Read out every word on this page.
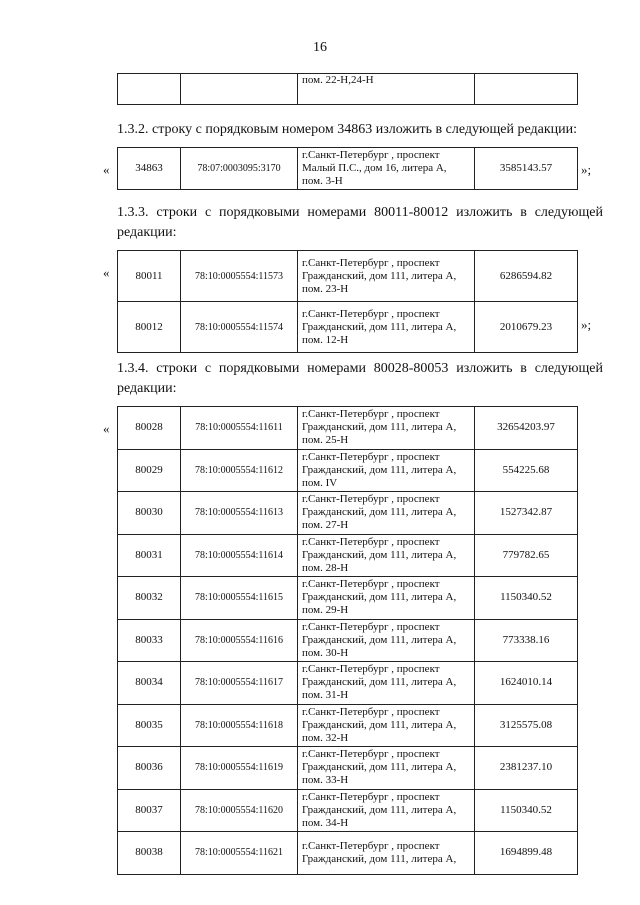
16
		пом. 22-Н,24-Н	
1.3.2. строку с порядковым номером 34863 изложить в следующей редакции:
« 34863	78:07:0003095:3170	г.Санкт-Петербург , проспект Малый П.С., дом 16, литера А, пом. 3-Н	3585143.57 »;
1.3.3. строки с порядковыми номерами 80011-80012 изложить в следующей редакции:
« 80011	78:10:0005554:11573	г.Санкт-Петербург , проспект Гражданский, дом 111, литера А, пом. 23-Н	6286594.82
80012	78:10:0005554:11574	г.Санкт-Петербург , проспект Гражданский, дом 111, литера А, пом. 12-Н	2010679.23 »;
1.3.4. строки с порядковыми номерами 80028-80053 изложить в следующей редакции:
« 80028	78:10:0005554:11611	г.Санкт-Петербург , проспект Гражданский, дом 111, литера А, пом. 25-Н	32654203.97
80029	78:10:0005554:11612	г.Санкт-Петербург , проспект Гражданский, дом 111, литера А, пом. IV	554225.68
80030	78:10:0005554:11613	г.Санкт-Петербург , проспект Гражданский, дом 111, литера А, пом. 27-Н	1527342.87
80031	78:10:0005554:11614	г.Санкт-Петербург , проспект Гражданский, дом 111, литера А, пом. 28-Н	779782.65
80032	78:10:0005554:11615	г.Санкт-Петербург , проспект Гражданский, дом 111, литера А, пом. 29-Н	1150340.52
80033	78:10:0005554:11616	г.Санкт-Петербург , проспект Гражданский, дом 111, литера А, пом. 30-Н	773338.16
80034	78:10:0005554:11617	г.Санкт-Петербург , проспект Гражданский, дом 111, литера А, пом. 31-Н	1624010.14
80035	78:10:0005554:11618	г.Санкт-Петербург , проспект Гражданский, дом 111, литера А, пом. 32-Н	3125575.08
80036	78:10:0005554:11619	г.Санкт-Петербург , проспект Гражданский, дом 111, литера А, пом. 33-Н	2381237.10
80037	78:10:0005554:11620	г.Санкт-Петербург , проспект Гражданский, дом 111, литера А, пом. 34-Н	1150340.52
80038	78:10:0005554:11621	г.Санкт-Петербург , проспект Гражданский, дом 111, литера А,	1694899.48
